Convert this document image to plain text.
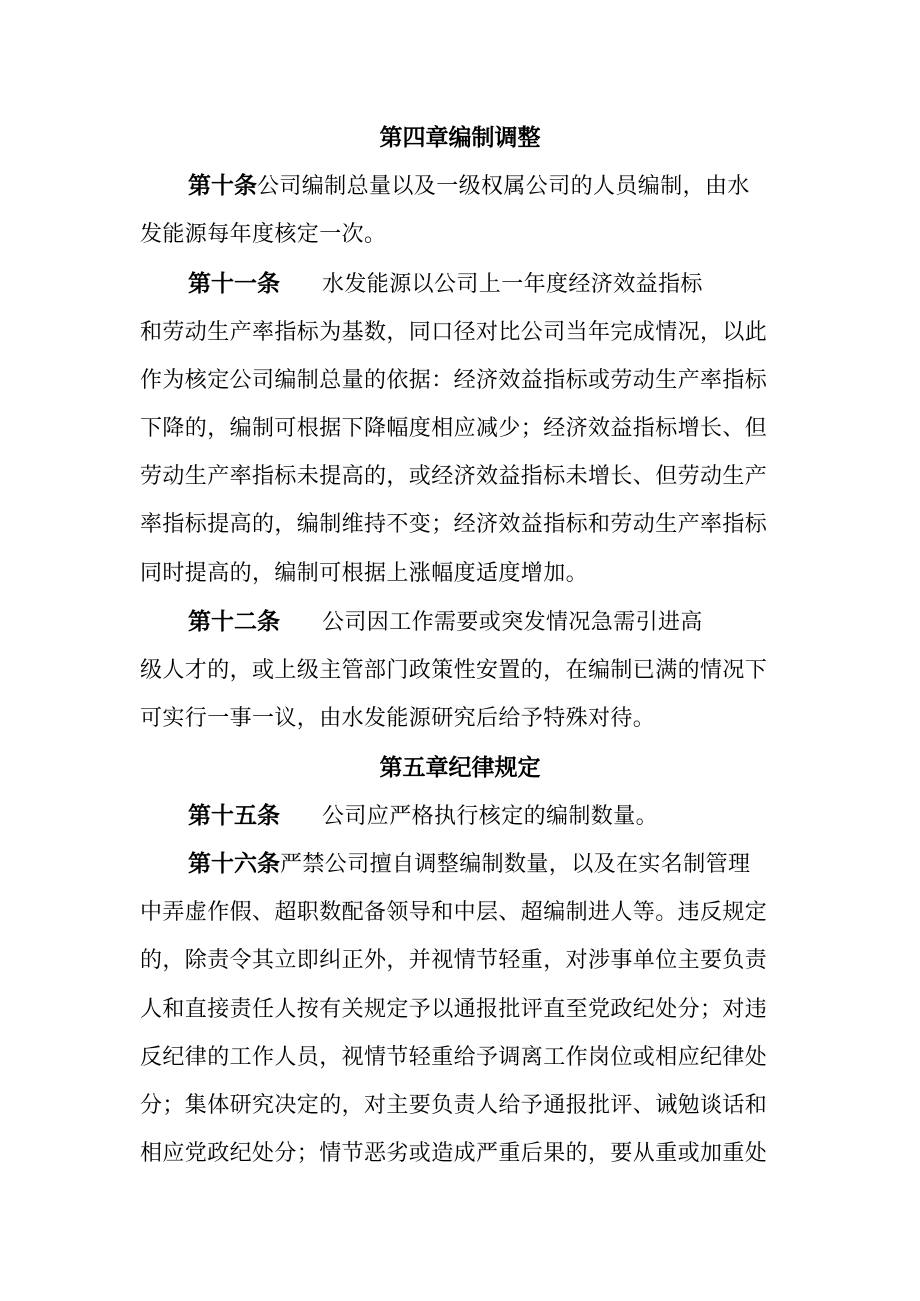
第四章编制调整
第十条公司编制总量以及一级权属公司的人员编制，由水
发能源每年度核定一次。
第十一条 水发能源以公司上一年度经济效益指标
和劳动生产率指标为基数，同口径对比公司当年完成情况，以此
作为核定公司编制总量的依据：经济效益指标或劳动生产率指标
下降的，编制可根据下降幅度相应减少；经济效益指标增长、但
劳动生产率指标未提高的，或经济效益指标未增长、但劳动生产
率指标提高的，编制维持不变；经济效益指标和劳动生产率指标
同时提高的，编制可根据上涨幅度适度增加。
第十二条 公司因工作需要或突发情况急需引进高
级人才的，或上级主管部门政策性安置的，在编制已满的情况下
可实行一事一议，由水发能源研究后给予特殊对待。
第五章纪律规定
第十五条 公司应严格执行核定的编制数量。
第十六条严禁公司擅自调整编制数量，以及在实名制管理
中弄虚作假、超职数配备领导和中层、超编制进人等。违反规定
的，除责令其立即纠正外，并视情节轻重，对涉事单位主要负责
人和直接责任人按有关规定予以通报批评直至党政纪处分；对违
反纪律的工作人员，视情节轻重给予调离工作岗位或相应纪律处
分；集体研究决定的，对主要负责人给予通报批评、诫勉谈话和
相应党政纪处分；情节恶劣或造成严重后果的，要从重或加重处
